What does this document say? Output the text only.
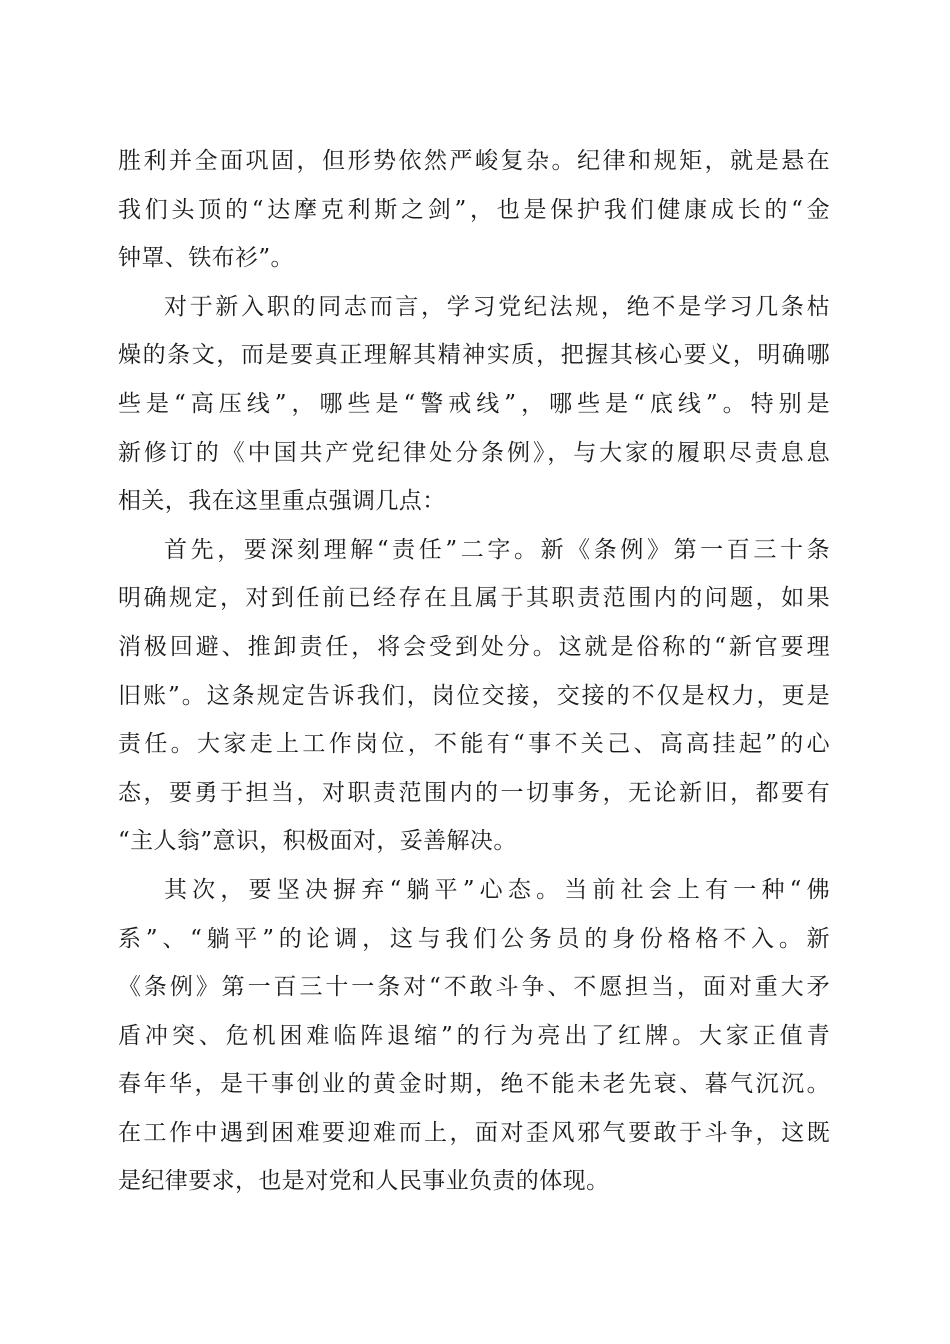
胜利并全面巩固，但形势依然严峻复杂。纪律和规矩，就是悬在
我们头顶的“达摩克利斯之剑”，也是保护我们健康成长的“金
钟罩、铁布衫”。
对于新入职的同志而言，学习党纪法规，绝不是学习几条枯
燥的条文，而是要真正理解其精神实质，把握其核心要义，明确哪
些是“高压线”，哪些是“警戒线”，哪些是“底线”。特别是
新修订的《中国共产党纪律处分条例》，与大家的履职尽责息息
相关，我在这里重点强调几点：
首先，要深刻理解“责任”二字。新《条例》第一百三十条
明确规定，对到任前已经存在且属于其职责范围内的问题，如果
消极回避、推卸责任，将会受到处分。这就是俗称的“新官要理
旧账”。这条规定告诉我们，岗位交接，交接的不仅是权力，更是
责任。大家走上工作岗位，不能有“事不关己、高高挂起”的心
态，要勇于担当，对职责范围内的一切事务，无论新旧，都要有
“主人翁”意识，积极面对，妥善解决。
其次，要坚决摒弃“躺平”心态。当前社会上有一种“佛
系”、“躺平”的论调，这与我们公务员的身份格格不入。新
《条例》第一百三十一条对“不敢斗争、不愿担当，面对重大矛
盾冲突、危机困难临阵退缩”的行为亮出了红牌。大家正值青
春年华，是干事创业的黄金时期，绝不能未老先衰、暮气沉沉。
在工作中遇到困难要迎难而上，面对歪风邪气要敢于斗争，这既
是纪律要求，也是对党和人民事业负责的体现。
